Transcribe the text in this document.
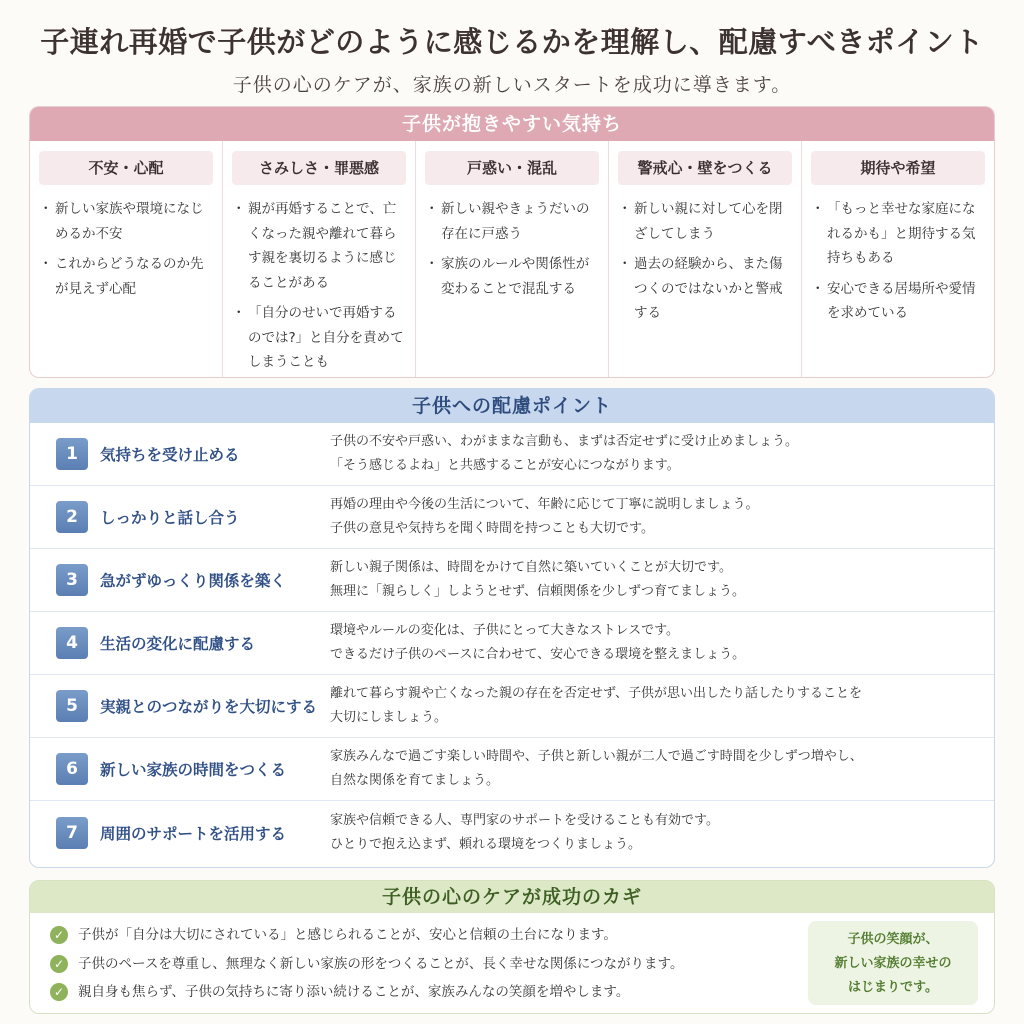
子連れ再婚で子供がどのように感じるかを理解し、配慮すべきポイント

子供の心のケアが、家族の新しいスタートを成功に導きます。

子供が抱きやすい気持ち
不安・心配
・ 新しい家族や環境になじめるか不安
・ これからどうなるのか先が見えず心配
さみしさ・罪悪感
・ 親が再婚することで、亡くなった親や離れて暮らす親を裏切るように感じることがある
・ 「自分のせいで再婚するのでは?」と自分を責めてしまうことも
戸惑い・混乱
・ 新しい親やきょうだいの存在に戸惑う
・ 家族のルールや関係性が変わることで混乱する
警戒心・壁をつくる
・ 新しい親に対して心を閉ざしてしまう
・ 過去の経験から、また傷つくのではないかと警戒する
期待や希望
・ 「もっと幸せな家庭になれるかも」と期待する気持ちもある
・ 安心できる居場所や愛情を求めている
子供への配慮ポイント
1	気持ちを受け止める
子供の不安や戸惑い、わがままな言動も、まずは否定せずに受け止めましょう。
「そう感じるよね」と共感することが安心につながります。
2	しっかりと話し合う
再婚の理由や今後の生活について、年齢に応じて丁寧に説明しましょう。
子供の意見や気持ちを聞く時間を持つことも大切です。
3	急がずゆっくり関係を築く
新しい親子関係は、時間をかけて自然に築いていくことが大切です。
無理に「親らしく」しようとせず、信頼関係を少しずつ育てましょう。
4	生活の変化に配慮する
環境やルールの変化は、子供にとって大きなストレスです。
できるだけ子供のペースに合わせて、安心できる環境を整えましょう。
5	実親とのつながりを大切にする
離れて暮らす親や亡くなった親の存在を否定せず、子供が思い出したり話したりすることを
大切にしましょう。
6	新しい家族の時間をつくる
家族みんなで過ごす楽しい時間や、子供と新しい親が二人で過ごす時間を少しずつ増やし、
自然な関係を育てましょう。
7	周囲のサポートを活用する
家族や信頼できる人、専門家のサポートを受けることも有効です。
ひとりで抱え込まず、頼れる環境をつくりましょう。
子供の心のケアが成功のカギ
✓ 子供が「自分は大切にされている」と感じられることが、安心と信頼の土台になります。
✓ 子供のペースを尊重し、無理なく新しい家族の形をつくることが、長く幸せな関係につながります。
✓ 親自身も焦らず、子供の気持ちに寄り添い続けることが、家族みんなの笑顔を増やします。
子供の笑顔が、
新しい家族の幸せの
はじまりです。
